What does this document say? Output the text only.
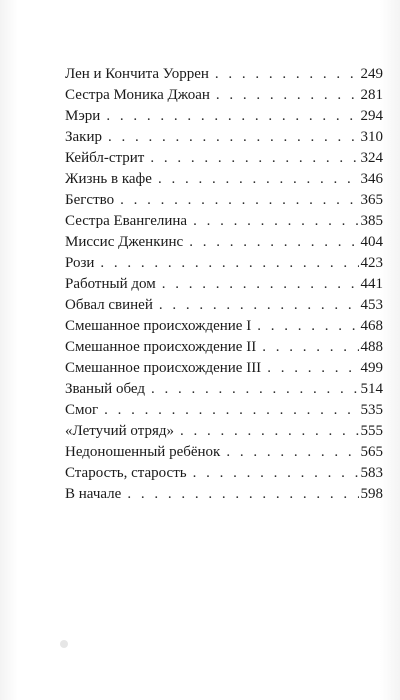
Лен и Кончита Уоррен . . .	249
Сестра Моника Джоан . . .	281
Мэри . . .	294
Закир . . .	310
Кейбл-стрит . . .	324
Жизнь в кафе . . .	346
Бегство . . .	365
Сестра Евангелина . . .	385
Миссис Дженкинс . . .	404
Рози . . .	423
Работный дом . . .	441
Обвал свиней . . .	453
Смешанное происхождение I . . .	468
Смешанное происхождение II . . .	488
Смешанное происхождение III . . .	499
Званый обед . . .	514
Смог . . .	535
«Летучий отряд» . . .	555
Недоношенный ребёнок . . .	565
Старость, старость . . .	583
В начале . . .	598
